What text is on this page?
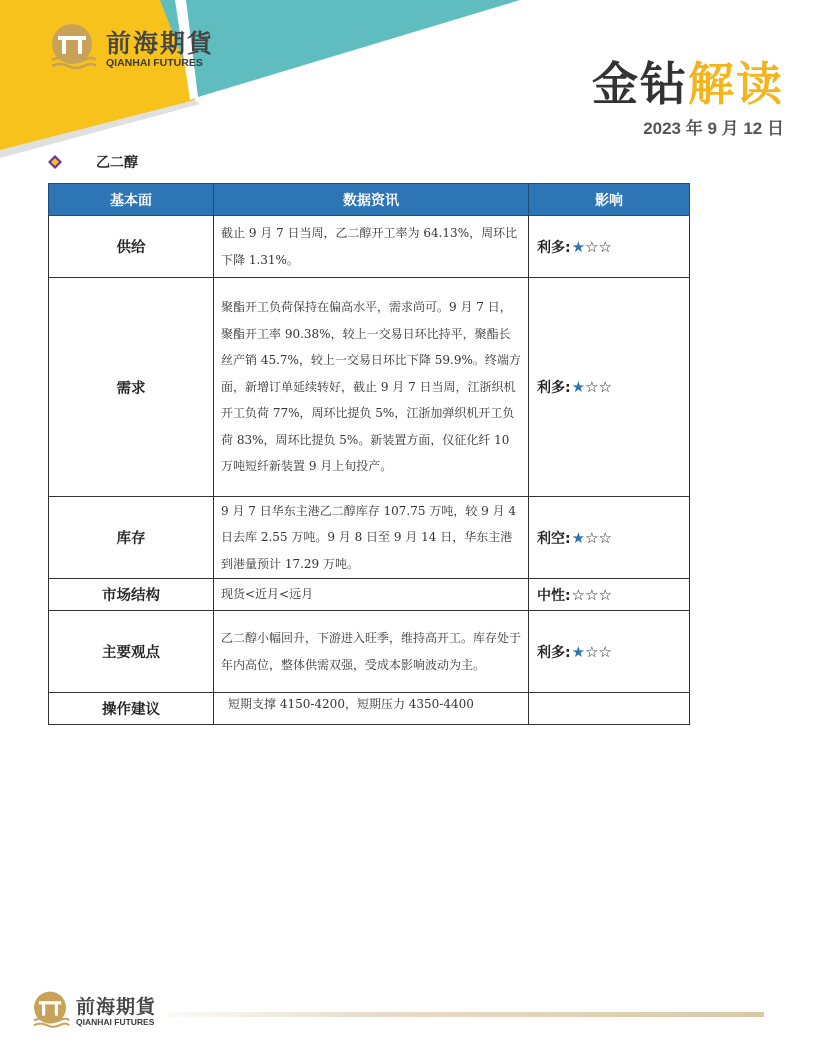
前海期貨
QIANHAI FUTURES	金钻解读
2023 年 9 月 12 日
乙二醇
基本面	数据资讯	影响
供给	截止 9 月 7 日当周，乙二醇开工率为 64.13%，周环比下降 1.31%。	利多:★☆☆
需求	聚酯开工负荷保持在偏高水平，需求尚可。9 月 7 日，聚酯开工率 90.38%，较上一交易日环比持平，聚酯长丝产销 45.7%，较上一交易日环比下降 59.9%。终端方面，新增订单延续转好，截止 9 月 7 日当周，江浙织机开工负荷 77%，周环比提负 5%，江浙加弹织机开工负荷 83%，周环比提负 5%。新装置方面，仪征化纤 10 万吨短纤新装置 9 月上旬投产。	利多:★☆☆
库存	9 月 7 日华东主港乙二醇库存 107.75 万吨，较 9 月 4 日去库 2.55 万吨。9 月 8 日至 9 月 14 日，华东主港到港量预计 17.29 万吨。	利空:★☆☆
市场结构	现货<近月<远月	中性:☆☆☆
主要观点	乙二醇小幅回升，下游进入旺季，维持高开工。库存处于年内高位，整体供需双强，受成本影响波动为主。	利多:★☆☆
操作建议	短期支撑 4150-4200，短期压力 4350-4400	
前海期貨
QIANHAI FUTURES
